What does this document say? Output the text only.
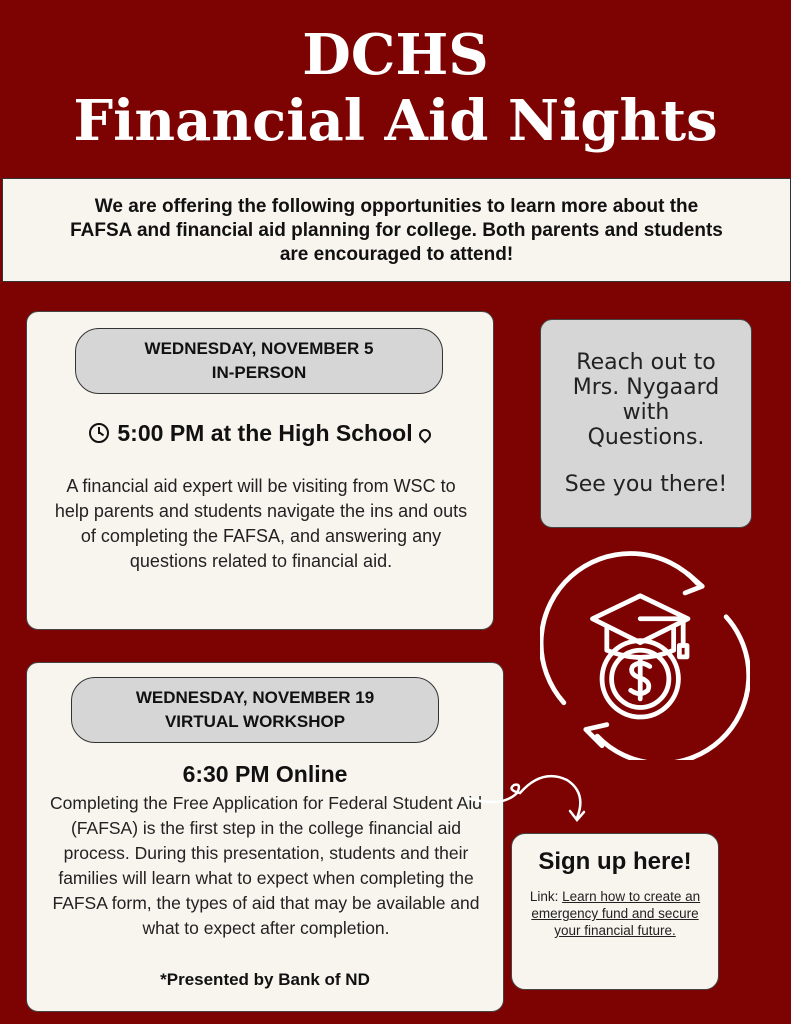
DCHS
Financial Aid Nights
We are offering the following opportunities to learn more about the FAFSA and financial aid planning for college. Both parents and students are encouraged to attend!
WEDNESDAY, NOVEMBER 5
IN-PERSON
5:00 PM at the High School
A financial aid expert will be visiting from WSC to help parents and students navigate the ins and outs of completing the FAFSA, and answering any questions related to financial aid.
WEDNESDAY, NOVEMBER 19
VIRTUAL WORKSHOP
6:30 PM Online
Completing the Free Application for Federal Student Aid (FAFSA) is the first step in the college financial aid process. During this presentation, students and their families will learn what to expect when completing the FAFSA form, the types of aid that may be available and what to expect after completion.
*Presented by Bank of ND
Reach out to Mrs. Nygaard with Questions.
See you there!
Sign up here!
Link: Learn how to create an emergency fund and secure your financial future.
